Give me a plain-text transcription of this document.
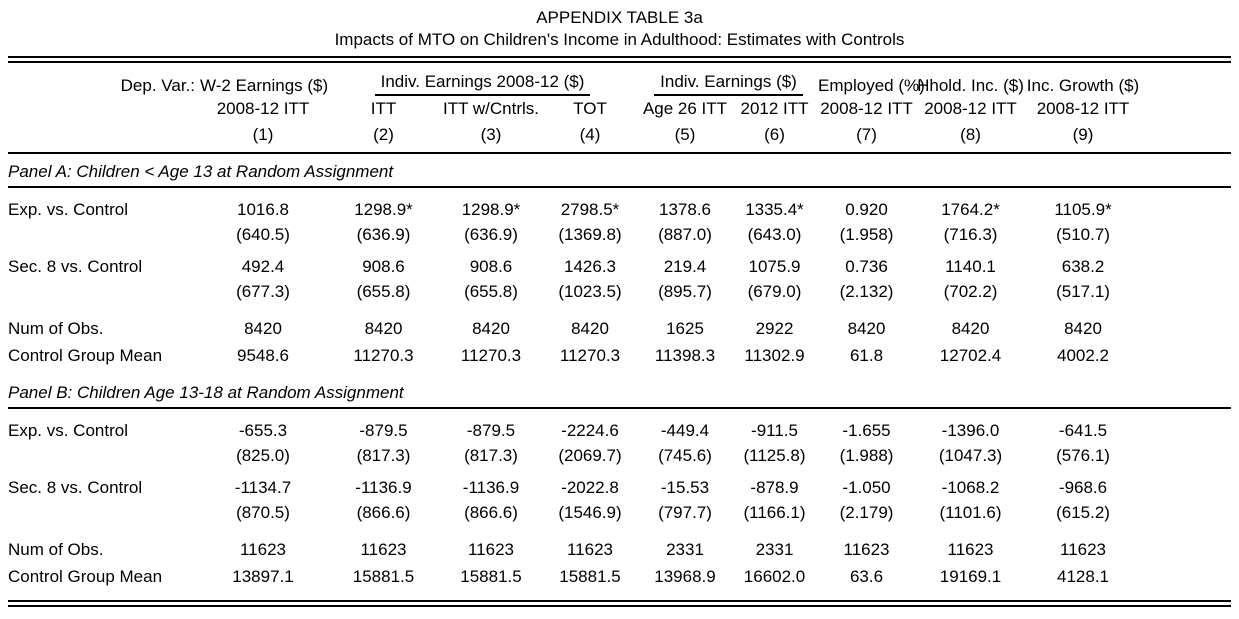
APPENDIX TABLE 3a
Impacts of MTO on Children's Income in Adulthood: Estimates with Controls
Dep. Var.:	W-2 Earnings ($)	Indiv. Earnings 2008-12 ($)			Indiv. Earnings ($)		Employed (%)	Hhold. Inc. ($)	Inc. Growth ($)	
	2008-12 ITT	ITT	ITT w/Cntrls.	TOT	Age 26 ITT	2012 ITT	2008-12 ITT	2008-12 ITT	2008-12 ITT	
	(1)	(2)	(3)	(4)	(5)	(6)	(7)	(8)	(9)	
Panel A: Children < Age 13 at Random Assignment										
Exp. vs. Control	1016.8	1298.9*	1298.9*	2798.5*	1378.6	1335.4*	0.920	1764.2*	1105.9*	
	(640.5)	(636.9)	(636.9)	(1369.8)	(887.0)	(643.0)	(1.958)	(716.3)	(510.7)	
Sec. 8 vs. Control	492.4	908.6	908.6	1426.3	219.4	1075.9	0.736	1140.1	638.2	
	(677.3)	(655.8)	(655.8)	(1023.5)	(895.7)	(679.0)	(2.132)	(702.2)	(517.1)	
Num of Obs.	8420	8420	8420	8420	1625	2922	8420	8420	8420	
Control Group Mean	9548.6	11270.3	11270.3	11270.3	11398.3	11302.9	61.8	12702.4	4002.2	
Panel B: Children Age 13-18 at Random Assignment										
Exp. vs. Control	-655.3	-879.5	-879.5	-2224.6	-449.4	-911.5	-1.655	-1396.0	-641.5	
	(825.0)	(817.3)	(817.3)	(2069.7)	(745.6)	(1125.8)	(1.988)	(1047.3)	(576.1)	
Sec. 8 vs. Control	-1134.7	-1136.9	-1136.9	-2022.8	-15.53	-878.9	-1.050	-1068.2	-968.6	
	(870.5)	(866.6)	(866.6)	(1546.9)	(797.7)	(1166.1)	(2.179)	(1101.6)	(615.2)	
Num of Obs.	11623	11623	11623	11623	2331	2331	11623	11623	11623	
Control Group Mean	13897.1	15881.5	15881.5	15881.5	13968.9	16602.0	63.6	19169.1	4128.1	
